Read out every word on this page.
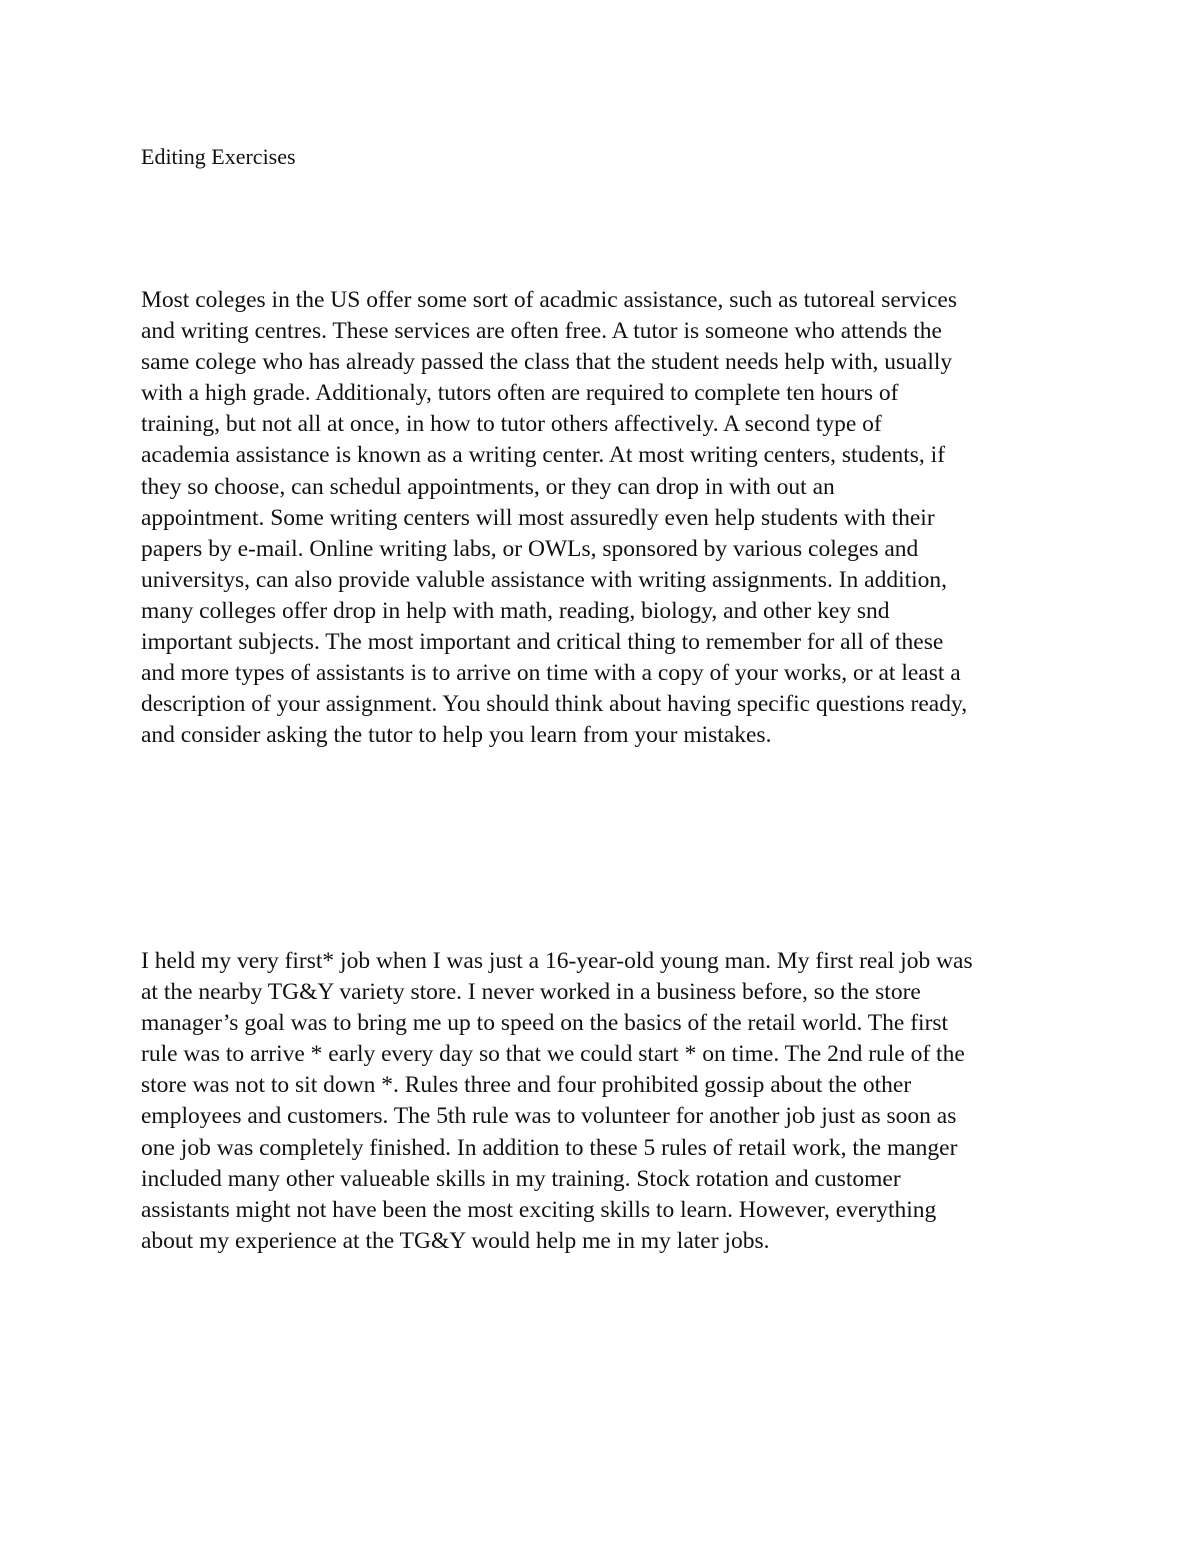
Editing Exercises

Most coleges in the US offer some sort of acadmic assistance, such as tutoreal services
and writing centres. These services are often free. A tutor is someone who attends the
same colege who has already passed the class that the student needs help with, usually
with a high grade. Additionaly, tutors often are required to complete ten hours of
training, but not all at once, in how to tutor others affectively. A second type of
academia assistance is known as a writing center. At most writing centers, students, if
they so choose, can schedul appointments, or they can drop in with out an
appointment. Some writing centers will most assuredly even help students with their
papers by e-mail. Online writing labs, or OWLs, sponsored by various coleges and
universitys, can also provide valuble assistance with writing assignments. In addition,
many colleges offer drop in help with math, reading, biology, and other key snd
important subjects. The most important and critical thing to remember for all of these
and more types of assistants is to arrive on time with a copy of your works, or at least a
description of your assignment. You should think about having specific questions ready,
and consider asking the tutor to help you learn from your mistakes.

I held my very first* job when I was just a 16-year-old young man. My first real job was
at the nearby TG&Y variety store. I never worked in a business before, so the store
manager’s goal was to bring me up to speed on the basics of the retail world. The first
rule was to arrive * early every day so that we could start * on time. The 2nd rule of the
store was not to sit down *. Rules three and four prohibited gossip about the other
employees and customers. The 5th rule was to volunteer for another job just as soon as
one job was completely finished. In addition to these 5 rules of retail work, the manger
included many other valueable skills in my training. Stock rotation and customer
assistants might not have been the most exciting skills to learn. However, everything
about my experience at the TG&Y would help me in my later jobs.
